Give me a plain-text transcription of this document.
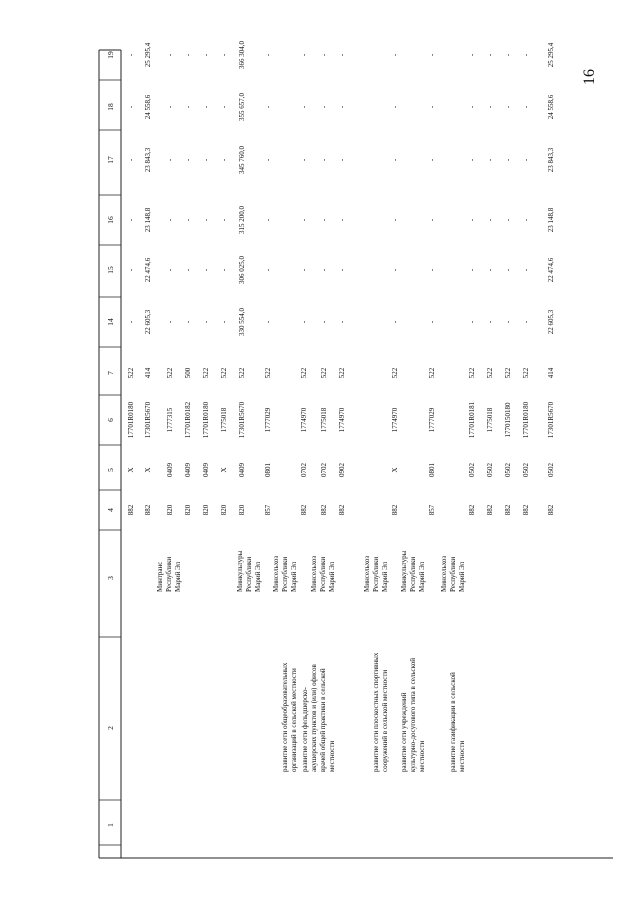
16
1
2
3
4
5
6
7
14
15
16
17
18
19
882
Х
17701R0180
522
-
-
-
-
-
-
882
Х
17301R5670
414
22 605,3
22 474,6
23 148,8
23 843,3
24 558,6
25 295,4
820
0409
1777315
522
-
-
-
-
-
-
Минтранс Республики Марий Эл
820
0409
17701R0182
500
-
-
-
-
-
-
820
0409
17701R0180
522
-
-
-
-
-
-
820
Х
1775018
522
-
-
-
-
-
-
820
0409
17301R5670
522
330 554,0
306 025,0
315 200,0
345 760,0
355 657,0
366 304,0
857
0801
1777029
522
-
-
-
-
-
-
Минкультуры Республики Марий Эл
882
0702
1774970
522
-
-
-
-
-
-
Минсельхоз Республики Марий Эл
развитие сети общеобразовательных организаций в сельской местности
882
0702
1775018
522
-
-
-
-
-
-
882
0902
1774970
522
-
-
-
-
-
-
Минсельхоз Республики Марий Эл
развитие сети фельдшерско- акушерских пунктов и (или) офисов врачей общей практики в сельской местности
882
Х
1774970
522
-
-
-
-
-
-
Минсельхоз Республики Марий Эл
развитие сети плоскостных спортивных сооружений в сельской местности
857
0801
1777029
522
-
-
-
-
-
-
Минкультуры Республики Марий Эл
развитие сети учреждений культурно-досугового типа в сельской местности
882
0502
17701R0181
522
-
-
-
-
-
-
Минсельхоз Республики Марий Эл
развитие газификации в сельской местности
882
0502
1775018
522
-
-
-
-
-
-
882
0502
1770150180
522
-
-
-
-
-
-
882
0502
17701R0180
522
-
-
-
-
-
-
882
0502
17301R5670
414
22 605,3
22 474,6
23 148,8
23 843,3
24 558,6
25 295,4
